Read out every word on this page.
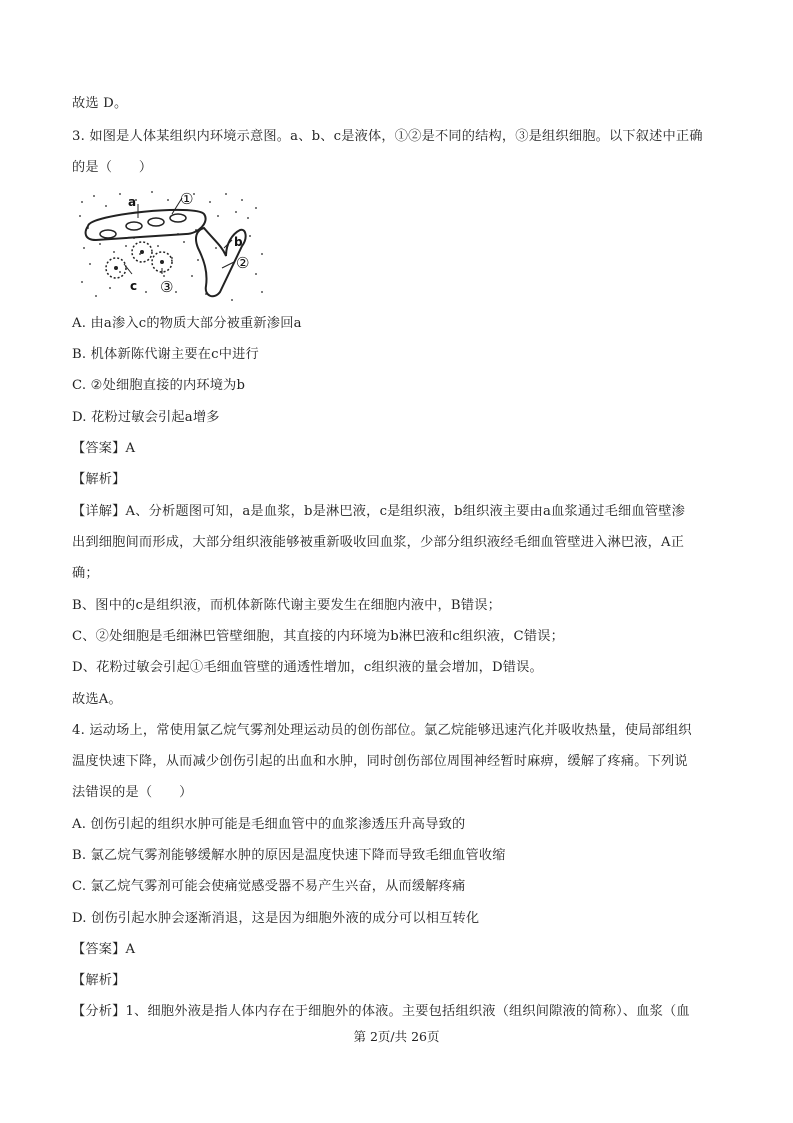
故选 D。
3. 如图是人体某组织内环境示意图。a、b、c是液体，①②是不同的结构，③是组织细胞。以下叙述中正确
的是（　　）
a	①
b
②
c ③
A. 由a渗入c的物质大部分被重新渗回a
B. 机体新陈代谢主要在c中进行
C. ②处细胞直接的内环境为b
D. 花粉过敏会引起a增多
【答案】A
【解析】
【详解】A、分析题图可知，a是血浆，b是淋巴液，c是组织液，b组织液主要由a血浆通过毛细血管壁渗
出到细胞间而形成，大部分组织液能够被重新吸收回血浆，少部分组织液经毛细血管壁进入淋巴液，A正
确；
B、图中的c是组织液，而机体新陈代谢主要发生在细胞内液中，B错误；
C、②处细胞是毛细淋巴管壁细胞，其直接的内环境为b淋巴液和c组织液，C错误；
D、花粉过敏会引起①毛细血管壁的通透性增加，c组织液的量会增加，D错误。
故选A。
4. 运动场上，常使用氯乙烷气雾剂处理运动员的创伤部位。氯乙烷能够迅速汽化并吸收热量，使局部组织
温度快速下降，从而减少创伤引起的出血和水肿，同时创伤部位周围神经暂时麻痹，缓解了疼痛。下列说
法错误的是（　　）
A. 创伤引起的组织水肿可能是毛细血管中的血浆渗透压升高导致的
B. 氯乙烷气雾剂能够缓解水肿的原因是温度快速下降而导致毛细血管收缩
C. 氯乙烷气雾剂可能会使痛觉感受器不易产生兴奋，从而缓解疼痛
D. 创伤引起水肿会逐渐消退，这是因为细胞外液的成分可以相互转化
【答案】A
【解析】
【分析】1、细胞外液是指人体内存在于细胞外的体液。主要包括组织液（组织间隙液的简称）、血浆（血
第 2页/共 26页
